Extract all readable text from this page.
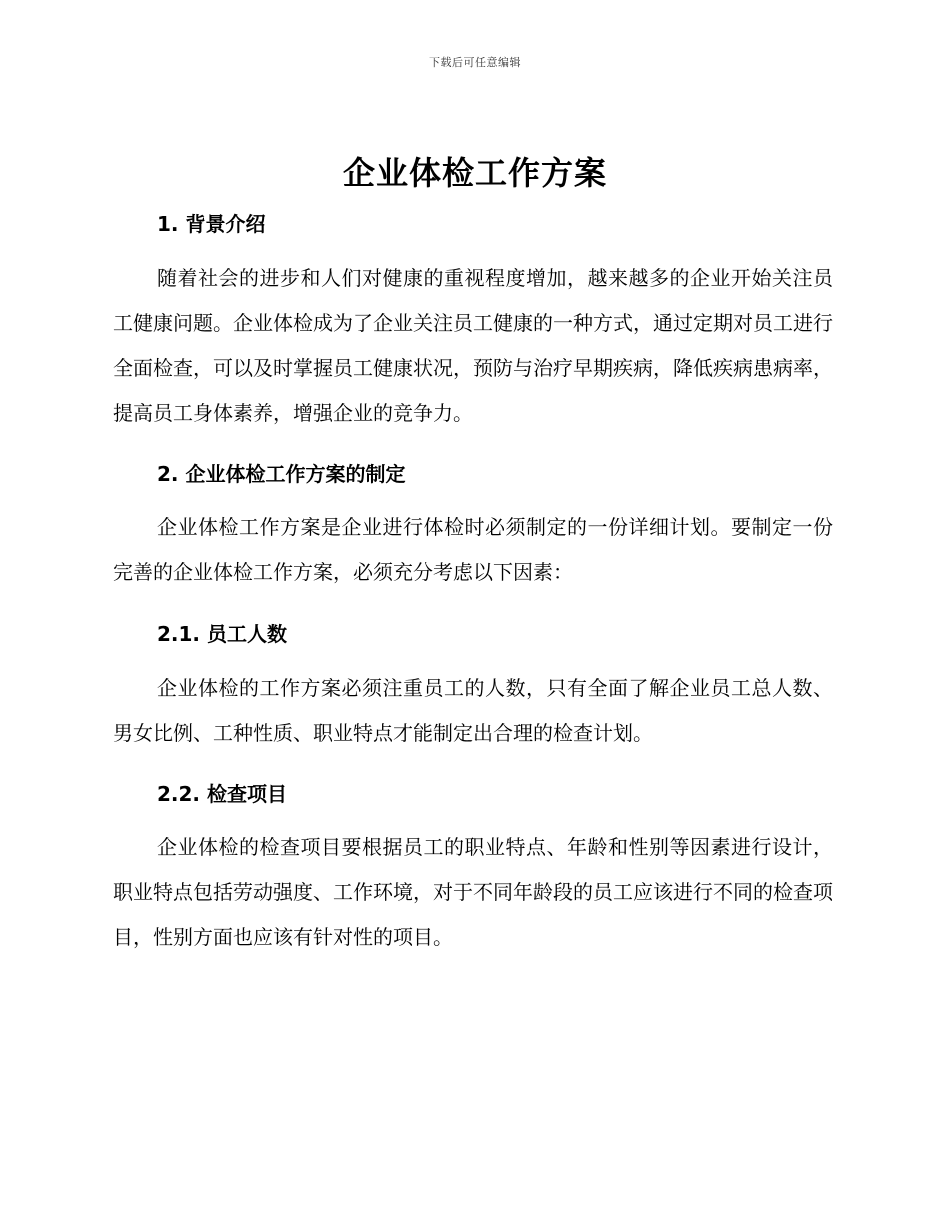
下载后可任意编辑
企业体检工作方案
1. 背景介绍

随着社会的进步和人们对健康的重视程度增加，越来越多的企业开始关注员工健康问题。企业体检成为了企业关注员工健康的一种方式，通过定期对员工进行全面检查，可以及时掌握员工健康状况，预防与治疗早期疾病，降低疾病患病率，提高员工身体素养，增强企业的竞争力。

2. 企业体检工作方案的制定

企业体检工作方案是企业进行体检时必须制定的一份详细计划。要制定一份完善的企业体检工作方案，必须充分考虑以下因素：

2.1. 员工人数

企业体检的工作方案必须注重员工的人数，只有全面了解企业员工总人数、男女比例、工种性质、职业特点才能制定出合理的检查计划。

2.2. 检查项目

企业体检的检查项目要根据员工的职业特点、年龄和性别等因素进行设计，职业特点包括劳动强度、工作环境，对于不同年龄段的员工应该进行不同的检查项目，性别方面也应该有针对性的项目。
